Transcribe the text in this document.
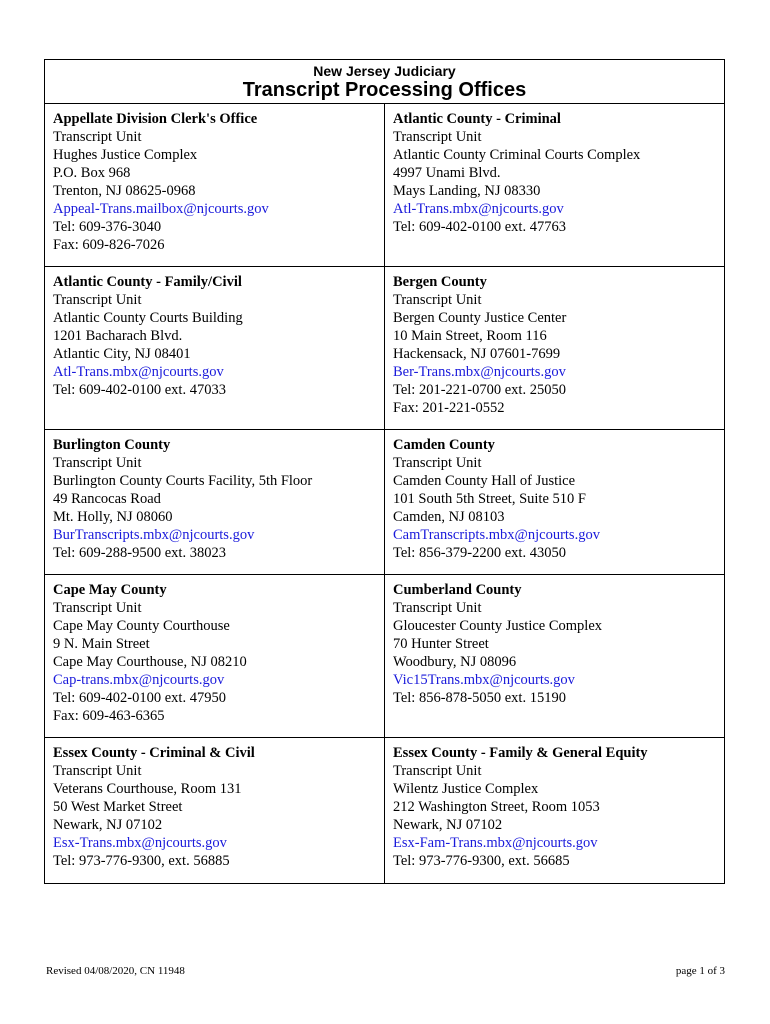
New Jersey Judiciary
Transcript Processing Offices
Appellate Division Clerk's Office
Transcript Unit
Hughes Justice Complex
P.O. Box 968
Trenton, NJ 08625-0968
Appeal-Trans.mailbox@njcourts.gov
Tel: 609-376-3040
Fax: 609-826-7026
Atlantic County - Criminal
Transcript Unit
Atlantic County Criminal Courts Complex
4997 Unami Blvd.
Mays Landing, NJ 08330
Atl-Trans.mbx@njcourts.gov
Tel: 609-402-0100 ext. 47763
Atlantic County - Family/Civil
Transcript Unit
Atlantic County Courts Building
1201 Bacharach Blvd.
Atlantic City, NJ 08401
Atl-Trans.mbx@njcourts.gov
Tel: 609-402-0100 ext. 47033
Bergen County
Transcript Unit
Bergen County Justice Center
10 Main Street, Room 116
Hackensack, NJ 07601-7699
Ber-Trans.mbx@njcourts.gov
Tel: 201-221-0700 ext. 25050
Fax: 201-221-0552
Burlington County
Transcript Unit
Burlington County Courts Facility, 5th Floor
49 Rancocas Road
Mt. Holly, NJ 08060
BurTranscripts.mbx@njcourts.gov
Tel: 609-288-9500 ext. 38023
Camden County
Transcript Unit
Camden County Hall of Justice
101 South 5th Street, Suite 510 F
Camden, NJ 08103
CamTranscripts.mbx@njcourts.gov
Tel: 856-379-2200 ext. 43050
Cape May County
Transcript Unit
Cape May County Courthouse
9 N. Main Street
Cape May Courthouse, NJ 08210
Cap-trans.mbx@njcourts.gov
Tel: 609-402-0100 ext. 47950
Fax: 609-463-6365
Cumberland County
Transcript Unit
Gloucester County Justice Complex
70 Hunter Street
Woodbury, NJ 08096
Vic15Trans.mbx@njcourts.gov
Tel: 856-878-5050 ext. 15190
Essex County - Criminal & Civil
Transcript Unit
Veterans Courthouse, Room 131
50 West Market Street
Newark, NJ 07102
Esx-Trans.mbx@njcourts.gov
Tel: 973-776-9300, ext. 56885
Essex County - Family & General Equity
Transcript Unit
Wilentz Justice Complex
212 Washington Street, Room 1053
Newark, NJ 07102
Esx-Fam-Trans.mbx@njcourts.gov
Tel: 973-776-9300, ext. 56685
Revised 04/08/2020, CN 11948	page 1 of 3
